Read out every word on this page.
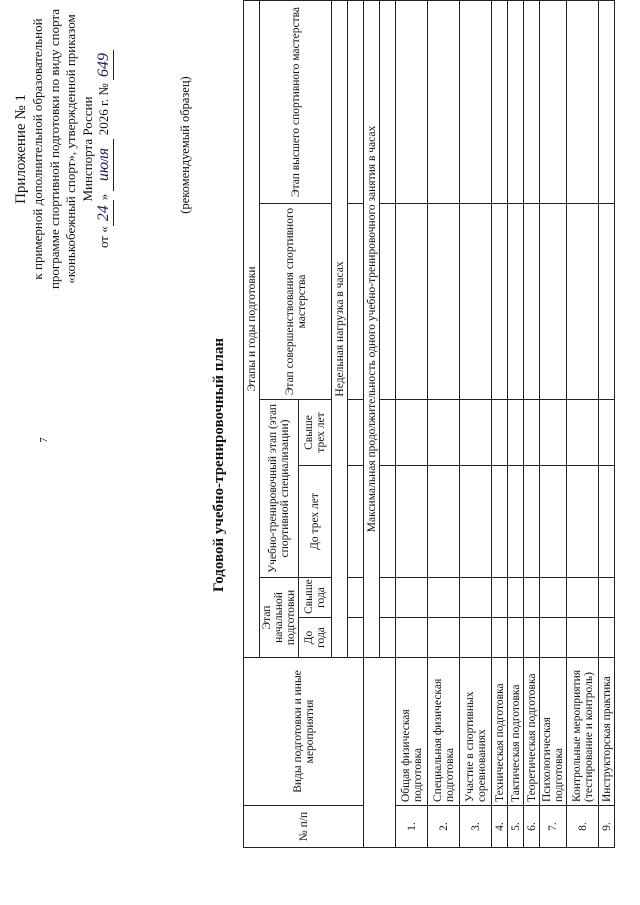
7
Приложение № 1 к примерной дополнительной образовательной программе спортивной подготовки по виду спорта «конькобежный спорт», утвержденной приказом Минспорта России
от «24» июля 2026 г. № 649
(рекомендуемый образец)
Годовой учебно-тренировочный план
№ п/п	Виды подготовки и иные мероприятия	Этапы и годы подготовки					
		Этап начальной подготовки		Учебно-тренировочный этап (этап спортивной специализации)		Этап совершенствования спортивного мастерства	Этап высшего спортивного мастерства
		До года	Свыше года	До трех лет	Свыше трех лет		
		Недельная нагрузка в часах					

		Максимальная продолжительность одного учебно-тренировочного занятия в часах					

1.	Общая физическая подготовка						
2.	Специальная физическая подготовка						
3.	Участие в спортивных соревнованиях						
4.	Техническая подготовка						
5.	Тактическая подготовка						
6.	Теоретическая подготовка						
7.	Психологическая подготовка						
8.	Контрольные мероприятия (тестирование и контроль)						
9.	Инструкторская практика						
